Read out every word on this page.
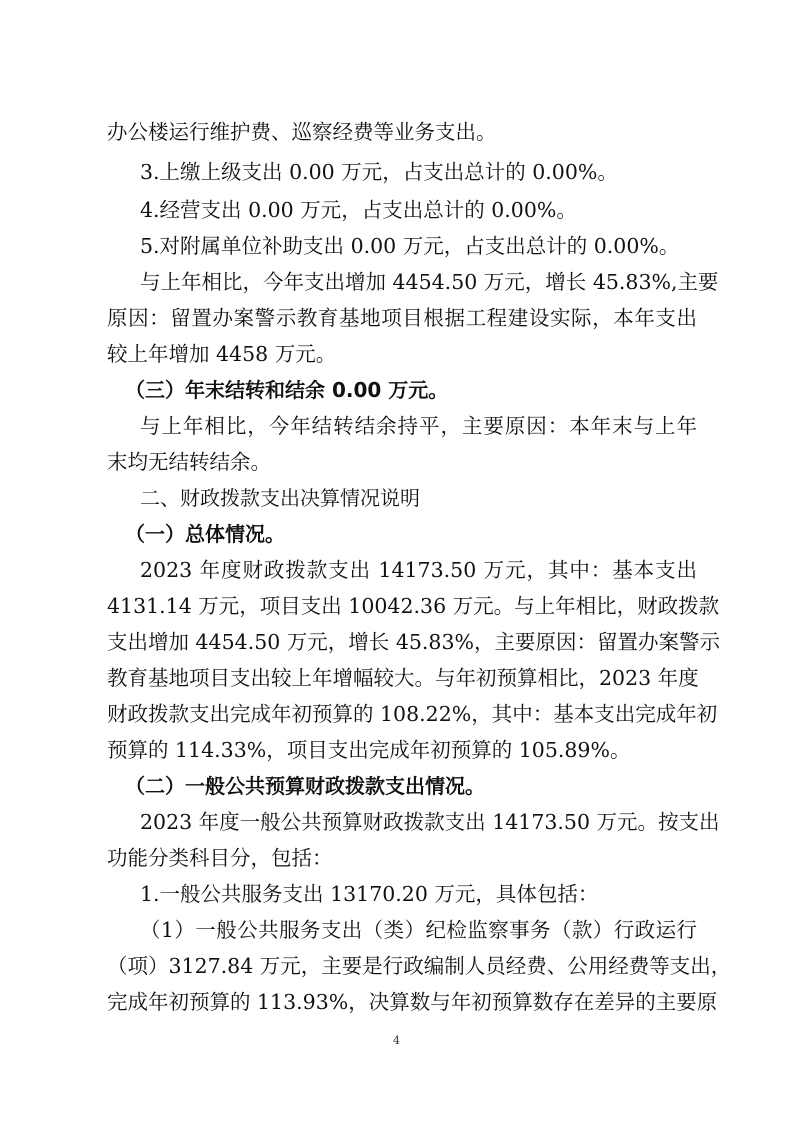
办公楼运行维护费、巡察经费等业务支出。
3.上缴上级支出 0.00 万元，占支出总计的 0.00%。
4.经营支出 0.00 万元，占支出总计的 0.00%。
5.对附属单位补助支出 0.00 万元，占支出总计的 0.00%。
与上年相比，今年支出增加 4454.50 万元，增长 45.83%,主要
原因：留置办案警示教育基地项目根据工程建设实际，本年支出
较上年增加 4458 万元。
（三）年末结转和结余 0.00 万元。
与上年相比，今年结转结余持平，主要原因：本年末与上年
末均无结转结余。
二、财政拨款支出决算情况说明
（一）总体情况。
2023 年度财政拨款支出 14173.50 万元，其中：基本支出
4131.14 万元，项目支出 10042.36 万元。与上年相比，财政拨款
支出增加 4454.50 万元，增长 45.83%，主要原因：留置办案警示
教育基地项目支出较上年增幅较大。与年初预算相比，2023 年度
财政拨款支出完成年初预算的 108.22%，其中：基本支出完成年初
预算的 114.33%，项目支出完成年初预算的 105.89%。
（二）一般公共预算财政拨款支出情况。
2023 年度一般公共预算财政拨款支出 14173.50 万元。按支出
功能分类科目分，包括：
1.一般公共服务支出 13170.20 万元，具体包括：
（1）一般公共服务支出（类）纪检监察事务（款）行政运行
（项）3127.84 万元，主要是行政编制人员经费、公用经费等支出，
完成年初预算的 113.93%，决算数与年初预算数存在差异的主要原
4
